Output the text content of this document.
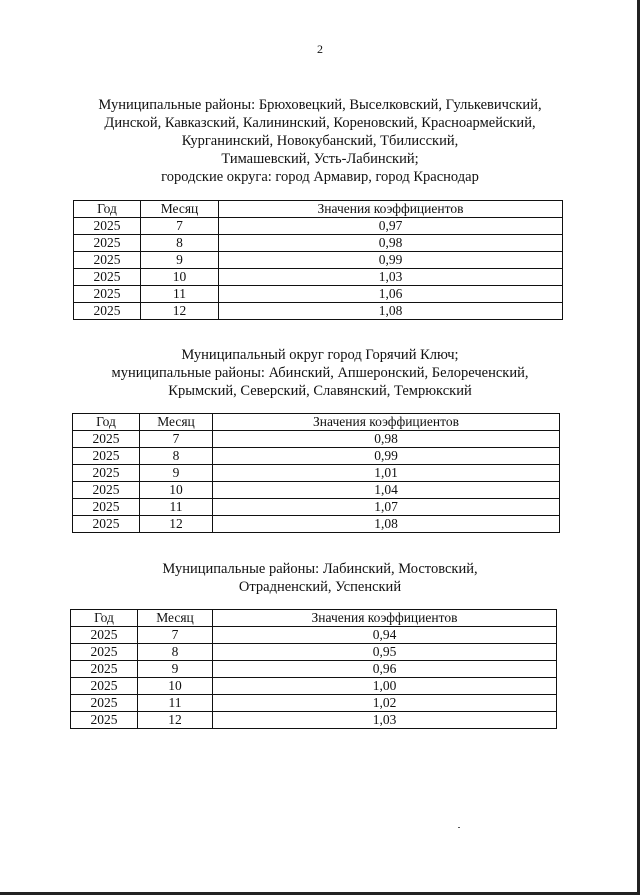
2
Муниципальные районы: Брюховецкий, Выселковский, Гулькевичский,
Динской, Кавказский, Калининский, Кореновский, Красноармейский,
Курганинский, Новокубанский, Тбилисский,
Тимашевский, Усть-Лабинский;
городские округа: город Армавир, город Краснодар
Год	Месяц	Значения коэффициентов
2025	7	0,97
2025	8	0,98
2025	9	0,99
2025	10	1,03
2025	11	1,06
2025	12	1,08
Муниципальный округ город Горячий Ключ;
муниципальные районы: Абинский, Апшеронский, Белореченский,
Крымский, Северский, Славянский, Темрюкский
Год	Месяц	Значения коэффициентов
2025	7	0,98
2025	8	0,99
2025	9	1,01
2025	10	1,04
2025	11	1,07
2025	12	1,08
Муниципальные районы: Лабинский, Мостовский,
Отрадненский, Успенский
Год	Месяц	Значения коэффициентов
2025	7	0,94
2025	8	0,95
2025	9	0,96
2025	10	1,00
2025	11	1,02
2025	12	1,03
